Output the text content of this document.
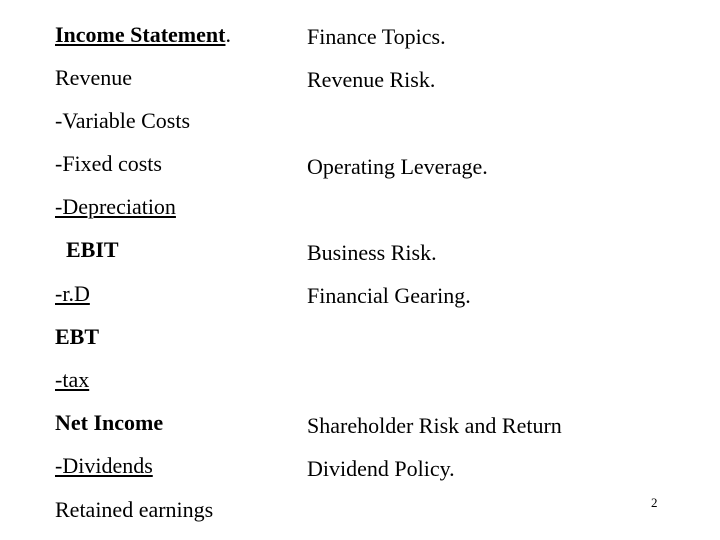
Income Statement.
Revenue
-Variable Costs
-Fixed costs
-Depreciation
EBIT
-r.D
EBT
-tax
Net Income
-Dividends
Retained earnings
Finance Topics.
Revenue Risk.
Operating Leverage.
Business Risk.
Financial Gearing.
Shareholder Risk and Return
Dividend Policy.
2
